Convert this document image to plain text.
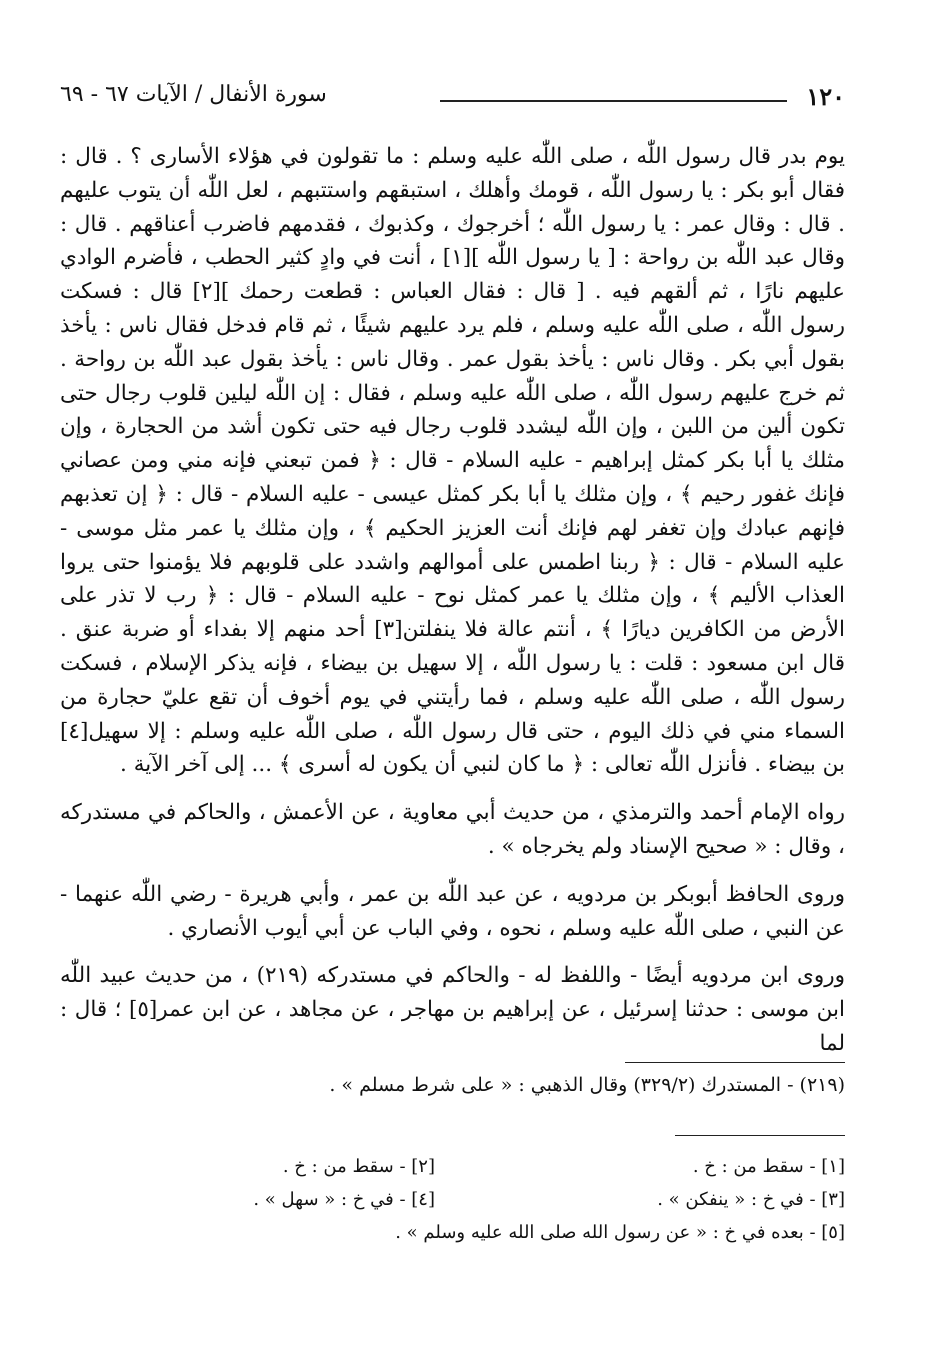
١٢٠
سورة الأنفال / الآيات ٦٧ - ٦٩

يوم بدر قال رسول اللّٰه ، صلى اللّٰه عليه وسلم : ما تقولون في هؤلاء الأسارى ؟ . قال : فقال أبو بكر : يا رسول اللّٰه ، قومك وأهلك ، استبقهم واستتبهم ، لعل اللّٰه أن يتوب عليهم . قال : وقال عمر : يا رسول اللّٰه ؛ أخرجوك ، وكذبوك ، فقدمهم فاضرب أعناقهم . قال : وقال عبد اللّٰه بن رواحة : [ يا رسول اللّٰه ][١] ، أنت في وادٍ كثير الحطب ، فأضرم الوادي عليهم نارًا ، ثم ألقهم فيه . [ قال : فقال العباس : قطعت رحمك ][٢] قال : فسكت رسول اللّٰه ، صلى اللّٰه عليه وسلم ، فلم يرد عليهم شيئًا ، ثم قام فدخل فقال ناس : يأخذ بقول أبي بكر . وقال ناس : يأخذ بقول عمر . وقال ناس : يأخذ بقول عبد اللّٰه بن رواحة . ثم خرج عليهم رسول اللّٰه ، صلى اللّٰه عليه وسلم ، فقال : إن اللّٰه ليلين قلوب رجال حتى تكون ألين من اللبن ، وإن اللّٰه ليشدد قلوب رجال فيه حتى تكون أشد من الحجارة ، وإن مثلك يا أبا بكر كمثل إبراهيم - عليه السلام - قال : ﴿ فمن تبعني فإنه مني ومن عصاني فإنك غفور رحيم ﴾ ، وإن مثلك يا أبا بكر كمثل عيسى - عليه السلام - قال : ﴿ إن تعذبهم فإنهم عبادك وإن تغفر لهم فإنك أنت العزيز الحكيم ﴾ ، وإن مثلك يا عمر مثل موسى - عليه السلام - قال : ﴿ ربنا اطمس على أموالهم واشدد على قلوبهم فلا يؤمنوا حتى يروا العذاب الأليم ﴾ ، وإن مثلك يا عمر كمثل نوح - عليه السلام - قال : ﴿ رب لا تذر على الأرض من الكافرين ديارًا ﴾ ، أنتم عالة فلا ينفلتن[٣] أحد منهم إلا بفداء أو ضربة عنق . قال ابن مسعود : قلت : يا رسول اللّٰه ، إلا سهيل بن بيضاء ، فإنه يذكر الإسلام ، فسكت رسول اللّٰه ، صلى اللّٰه عليه وسلم ، فما رأيتني في يوم أخوف أن تقع عليّ حجارة من السماء مني في ذلك اليوم ، حتى قال رسول اللّٰه ، صلى اللّٰه عليه وسلم : إلا سهيل[٤] بن بيضاء . فأنزل اللّٰه تعالى : ﴿ ما كان لنبي أن يكون له أسرى ﴾ ... إلى آخر الآية .

رواه الإمام أحمد والترمذي ، من حديث أبي معاوية ، عن الأعمش ، والحاكم في مستدركه ، وقال : « صحيح الإسناد ولم يخرجاه » .

وروى الحافظ أبوبكر بن مردويه ، عن عبد اللّٰه بن عمر ، وأبي هريرة - رضي اللّٰه عنهما - عن النبي ، صلى اللّٰه عليه وسلم ، نحوه ، وفي الباب عن أبي أيوب الأنصاري .

وروى ابن مردويه أيضًا - واللفظ له - والحاكم في مستدركه (٢١٩) ، من حديث عبيد اللّٰه ابن موسى : حدثنا إسرئيل ، عن إبراهيم بن مهاجر ، عن مجاهد ، عن ابن عمر[٥] ؛ قال : لما

(٢١٩) - المستدرك (٣٢٩/٢) وقال الذهبي : « على شرط مسلم » .
[١] - سقط من : خ .
[٢] - سقط من : خ .
[٣] - في خ : « ينفكن » .
[٤] - في خ : « سهل » .
[٥] - بعده في خ : « عن رسول الله صلى الله عليه وسلم » .
